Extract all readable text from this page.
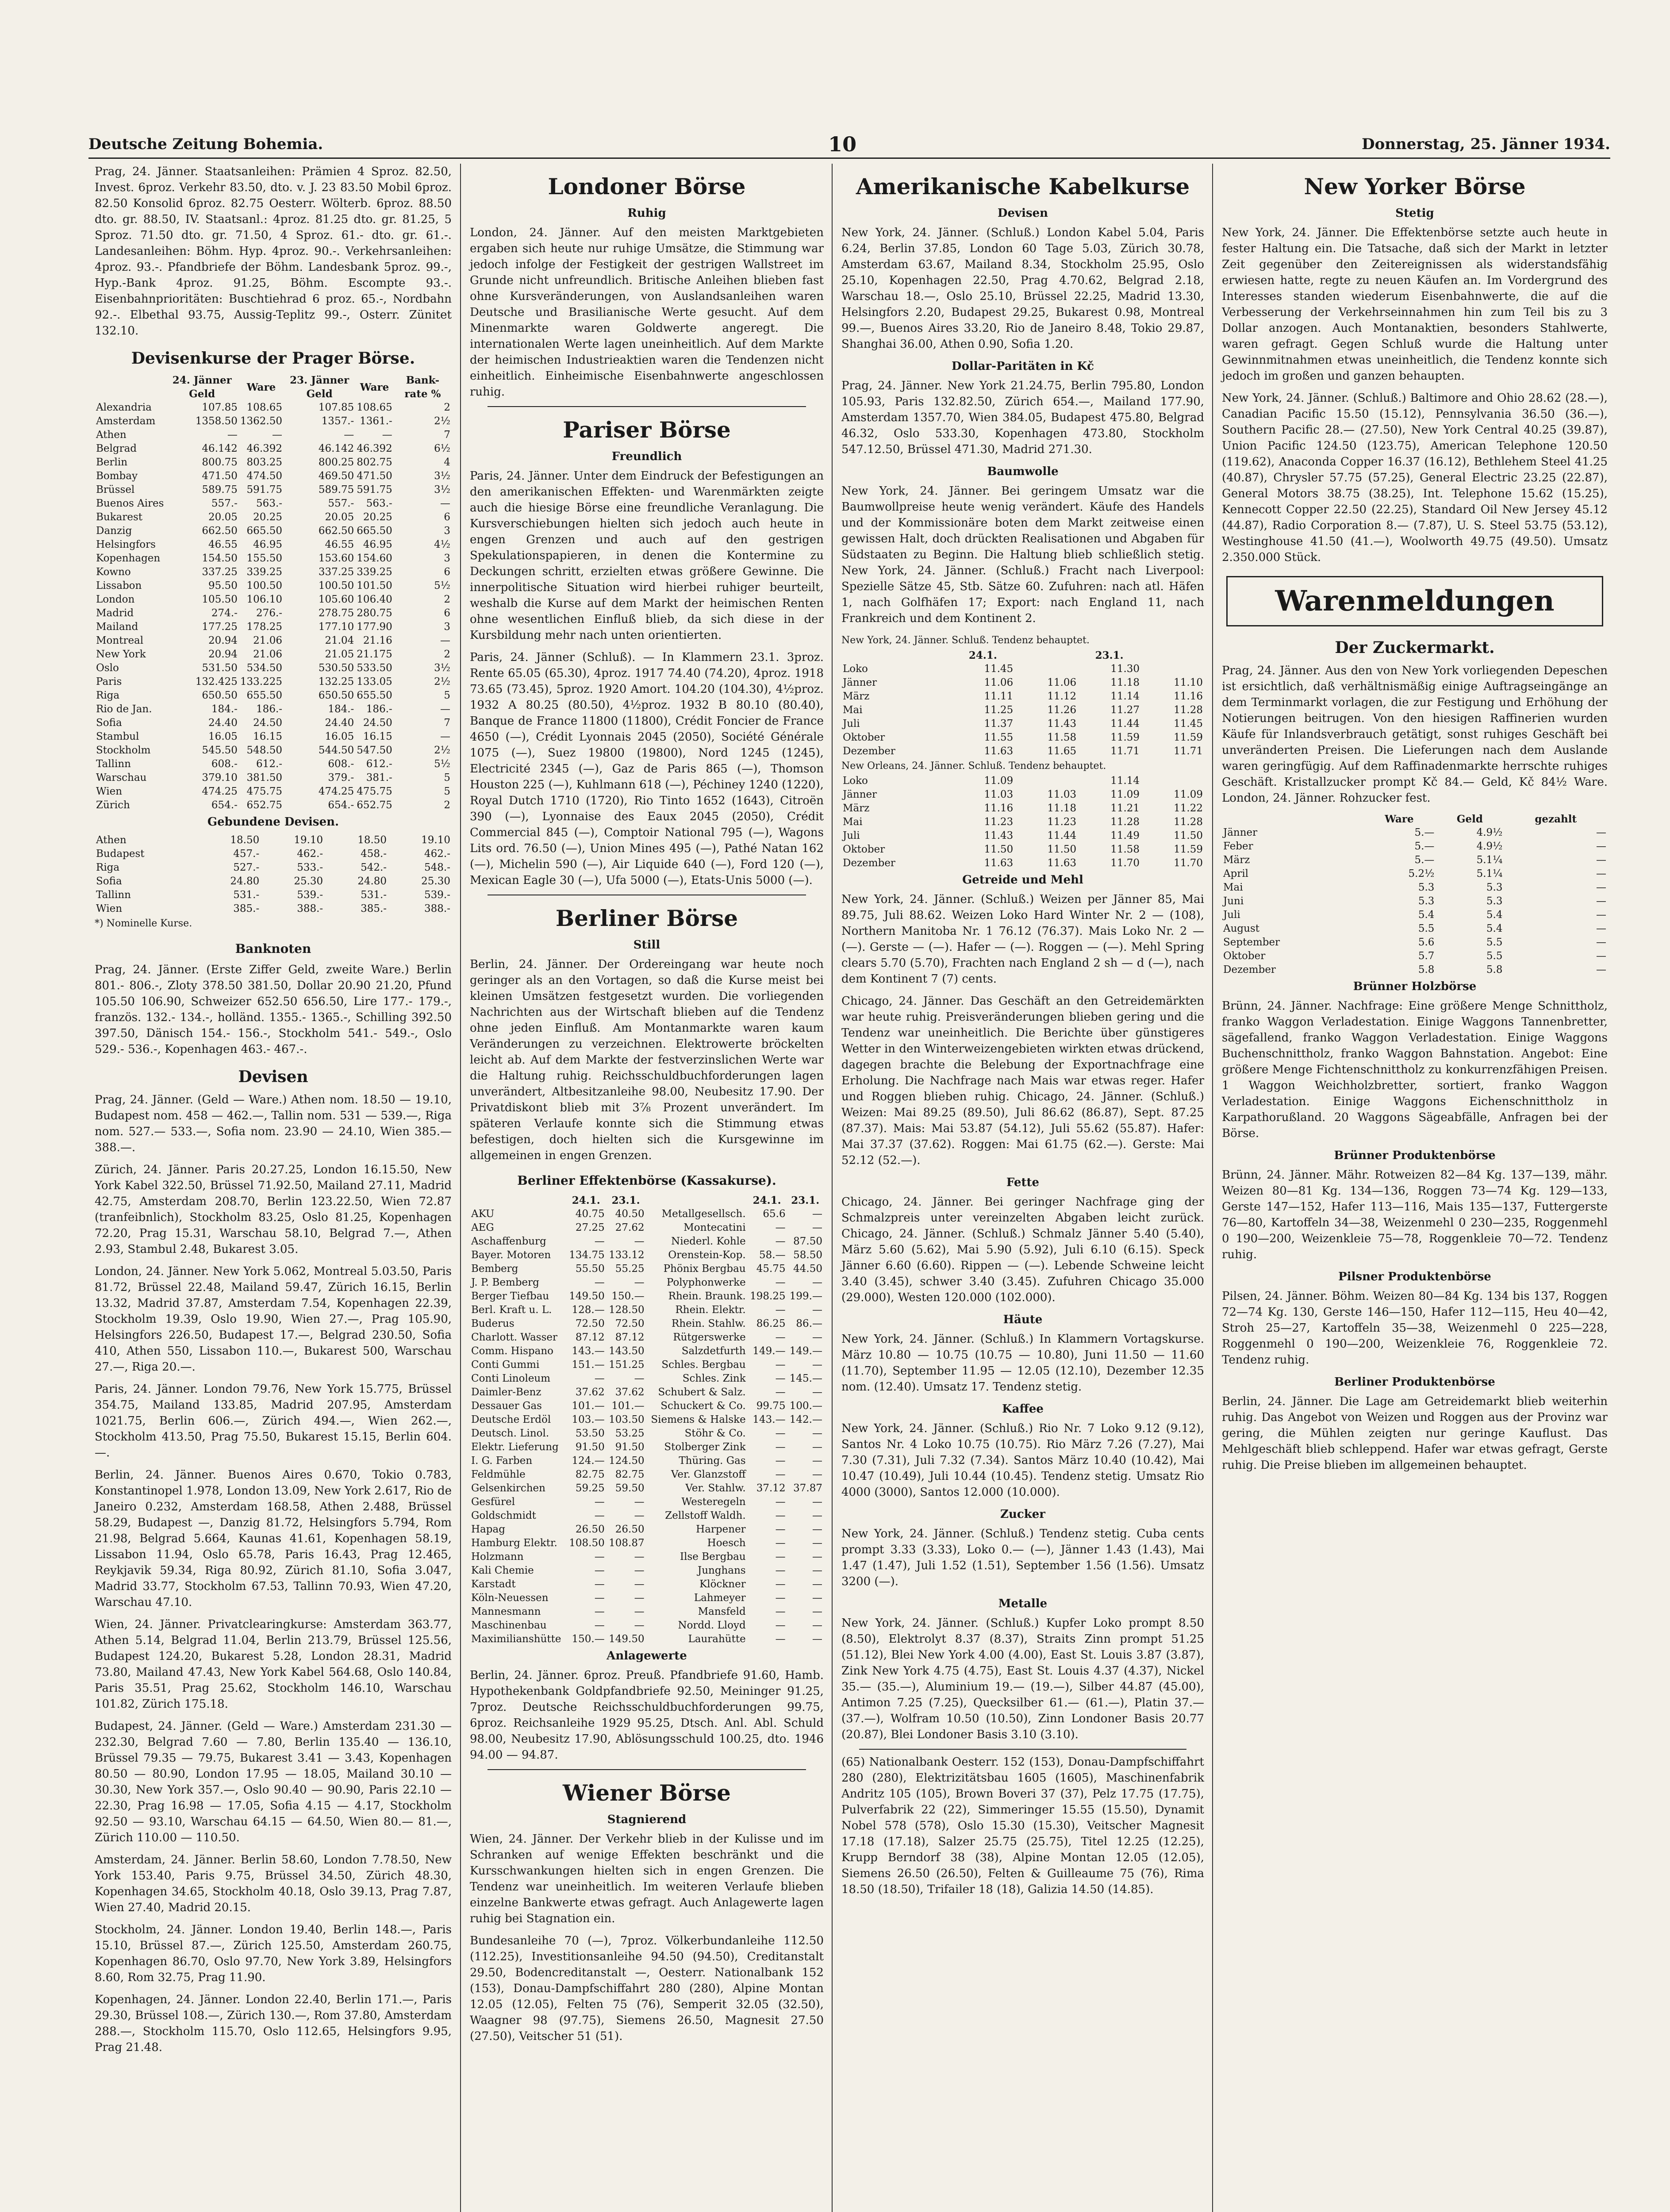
Deutsche Zeitung Bohemia.	10	Donnerstag, 25. Jänner 1934.
Prag, 24. Jänner. Staatsanleihen: Prämien 4 Sproz. 82.50, Invest. 6proz. Verkehr 83.50, dto. v. J. 23 83.50 Mobil 6proz. 82.50 Konsolid 6proz. 82.75 Oesterr. Wölterb. 6proz. 88.50 dto. gr. 88.50, IV. Staatsanl.: 4proz. 81.25 dto. gr. 81.25, 5 Sproz. 71.50 dto. gr. 71.50, 4 Sproz. 61.- dto. gr. 61.-. Landesanleihen: Böhm. Hyp. 4proz. 90.-. Verkehrsanleihen: 4proz. 93.-. Pfandbriefe der Böhm. Landesbank 5proz. 99.-, Hyp.-Bank 4proz. 91.25, Böhm. Escompte 93.-. Eisenbahnprioritäten: Buschtiehrad 6 proz. 65.-, Nordbahn 92.-. Elbethal 93.75, Aussig-Teplitz 99.-, Osterr. Zünitet 132.10.
Devisenkurse der Prager Börse.
	24. Jänner Geld	Ware	23. Jänner Geld	Ware	Bank-rate %
Alexandria	107.85	108.65	107.85	108.65	2
Amsterdam	1358.50	1362.50	1357.-	1361.-	2½
Athen	—	—	—	—	7
Belgrad	46.142	46.392	46.142	46.392	6½
Berlin	800.75	803.25	800.25	802.75	4
Bombay	471.50	474.50	469.50	471.50	3½
Brüssel	589.75	591.75	589.75	591.75	3½
Buenos Aires	557.-	563.-	557.-	563.-	—
Bukarest	20.05	20.25	20.05	20.25	6
Danzig	662.50	665.50	662.50	665.50	3
Helsingfors	46.55	46.95	46.55	46.95	4½
Kopenhagen	154.50	155.50	153.60	154.60	3
Kowno	337.25	339.25	337.25	339.25	6
Lissabon	95.50	100.50	100.50	101.50	5½
London	105.50	106.10	105.60	106.40	2
Madrid	274.-	276.-	278.75	280.75	6
Mailand	177.25	178.25	177.10	177.90	3
Montreal	20.94	21.06	21.04	21.16	—
New York	20.94	21.06	21.05	21.175	2
Oslo	531.50	534.50	530.50	533.50	3½
Paris	132.425	133.225	132.25	133.05	2½
Riga	650.50	655.50	650.50	655.50	5
Rio de Jan.	184.-	186.-	184.-	186.-	—
Sofia	24.40	24.50	24.40	24.50	7
Stambul	16.05	16.15	16.05	16.15	—
Stockholm	545.50	548.50	544.50	547.50	2½
Tallinn	608.-	612.-	608.-	612.-	5½
Warschau	379.10	381.50	379.-	381.-	5
Wien	474.25	475.75	474.25	475.75	5
Zürich	654.-	652.75	654.-	652.75	2
Gebundene Devisen.
Athen	18.50	19.10	18.50	19.10
Budapest	457.-	462.-	458.-	462.-
Riga	527.-	533.-	542.-	548.-
Sofia	24.80	25.30	24.80	25.30
Tallinn	531.-	539.-	531.-	539.-
Wien	385.-	388.-	385.-	388.-
*) Nominelle Kurse.
Banknoten
Prag, 24. Jänner. (Erste Ziffer Geld, zweite Ware.) Berlin 801.- 806.-, Zloty 378.50 381.50, Dollar 20.90 21.20, Pfund 105.50 106.90, Schweizer 652.50 656.50, Lire 177.- 179.-, französ. 132.- 134.-, holländ. 1355.- 1365.-, Schilling 392.50 397.50, Dänisch 154.- 156.-, Stockholm 541.- 549.-, Oslo 529.- 536.-, Kopenhagen 463.- 467.-.
Devisen
Prag, 24. Jänner. (Geld — Ware.) Athen nom. 18.50 — 19.10, Budapest nom. 458 — 462.—, Tallin nom. 531 — 539.—, Riga nom. 527.— 533.—, Sofia nom. 23.90 — 24.10, Wien 385.— 388.—.
Zürich, 24. Jänner. Paris 20.27.25, London 16.15.50, New York Kabel 322.50, Brüssel 71.92.50, Mailand 27.11, Madrid 42.75, Amsterdam 208.70, Berlin 123.22.50, Wien 72.87 (tranfeibnlich), Stockholm 83.25, Oslo 81.25, Kopenhagen 72.20, Prag 15.31, Warschau 58.10, Belgrad 7.—, Athen 2.93, Stambul 2.48, Bukarest 3.05.
London, 24. Jänner. New York 5.062, Montreal 5.03.50, Paris 81.72, Brüssel 22.48, Mailand 59.47, Zürich 16.15, Berlin 13.32, Madrid 37.87, Amsterdam 7.54, Kopenhagen 22.39, Stockholm 19.39, Oslo 19.90, Wien 27.—, Prag 105.90, Helsingfors 226.50, Budapest 17.—, Belgrad 230.50, Sofia 410, Athen 550, Lissabon 110.—, Bukarest 500, Warschau 27.—, Riga 20.—.
Paris, 24. Jänner. London 79.76, New York 15.775, Brüssel 354.75, Mailand 133.85, Madrid 207.95, Amsterdam 1021.75, Berlin 606.—, Zürich 494.—, Wien 262.—, Stockholm 413.50, Prag 75.50, Bukarest 15.15, Berlin 604.—.
Berlin, 24. Jänner. Buenos Aires 0.670, Tokio 0.783, Konstantinopel 1.978, London 13.09, New York 2.617, Rio de Janeiro 0.232, Amsterdam 168.58, Athen 2.488, Brüssel 58.29, Budapest —, Danzig 81.72, Helsingfors 5.794, Rom 21.98, Belgrad 5.664, Kaunas 41.61, Kopenhagen 58.19, Lissabon 11.94, Oslo 65.78, Paris 16.43, Prag 12.465, Reykjavik 59.34, Riga 80.92, Zürich 81.10, Sofia 3.047, Madrid 33.77, Stockholm 67.53, Tallinn 70.93, Wien 47.20, Warschau 47.10.
Wien, 24. Jänner. Privatclearingkurse: Amsterdam 363.77, Athen 5.14, Belgrad 11.04, Berlin 213.79, Brüssel 125.56, Budapest 124.20, Bukarest 5.28, London 28.31, Madrid 73.80, Mailand 47.43, New York Kabel 564.68, Oslo 140.84, Paris 35.51, Prag 25.62, Stockholm 146.10, Warschau 101.82, Zürich 175.18.
Budapest, 24. Jänner. (Geld — Ware.) Amsterdam 231.30 — 232.30, Belgrad 7.60 — 7.80, Berlin 135.40 — 136.10, Brüssel 79.35 — 79.75, Bukarest 3.41 — 3.43, Kopenhagen 80.50 — 80.90, London 17.95 — 18.05, Mailand 30.10 — 30.30, New York 357.—, Oslo 90.40 — 90.90, Paris 22.10 — 22.30, Prag 16.98 — 17.05, Sofia 4.15 — 4.17, Stockholm 92.50 — 93.10, Warschau 64.15 — 64.50, Wien 80.— 81.—, Zürich 110.00 — 110.50.
Amsterdam, 24. Jänner. Berlin 58.60, London 7.78.50, New York 153.40, Paris 9.75, Brüssel 34.50, Zürich 48.30, Kopenhagen 34.65, Stockholm 40.18, Oslo 39.13, Prag 7.87, Wien 27.40, Madrid 20.15.
Stockholm, 24. Jänner. London 19.40, Berlin 148.—, Paris 15.10, Brüssel 87.—, Zürich 125.50, Amsterdam 260.75, Kopenhagen 86.70, Oslo 97.70, New York 3.89, Helsingfors 8.60, Rom 32.75, Prag 11.90.
Kopenhagen, 24. Jänner. London 22.40, Berlin 171.—, Paris 29.30, Brüssel 108.—, Zürich 130.—, Rom 37.80, Amsterdam 288.—, Stockholm 115.70, Oslo 112.65, Helsingfors 9.95, Prag 21.48.
Londoner Börse
Ruhig
London, 24. Jänner. Auf den meisten Marktgebieten ergaben sich heute nur ruhige Umsätze, die Stimmung war jedoch infolge der Festigkeit der gestrigen Wallstreet im Grunde nicht unfreundlich. Britische Anleihen blieben fast ohne Kursveränderungen, von Auslandsanleihen waren Deutsche und Brasilianische Werte gesucht. Auf dem Minenmarkte waren Goldwerte angeregt. Die internationalen Werte lagen uneinheitlich. Auf dem Markte der heimischen Industrieaktien waren die Tendenzen nicht einheitlich. Einheimische Eisenbahnwerte angeschlossen ruhig.
Pariser Börse
Freundlich
Paris, 24. Jänner. Unter dem Eindruck der Befestigungen an den amerikanischen Effekten- und Warenmärkten zeigte auch die hiesige Börse eine freundliche Veranlagung. Die Kursverschiebungen hielten sich jedoch auch heute in engen Grenzen und auch auf den gestrigen Spekulationspapieren, in denen die Kontermine zu Deckungen schritt, erzielten etwas größere Gewinne. Die innerpolitische Situation wird hierbei ruhiger beurteilt, weshalb die Kurse auf dem Markt der heimischen Renten ohne wesentlichen Einfluß blieb, da sich diese in der Kursbildung mehr nach unten orientierten.
Paris, 24. Jänner (Schluß). — In Klammern 23.1. 3proz. Rente 65.05 (65.30), 4proz. 1917 74.40 (74.20), 4proz. 1918 73.65 (73.45), 5proz. 1920 Amort. 104.20 (104.30), 4½proz. 1932 A 80.25 (80.50), 4½proz. 1932 B 80.10 (80.40), Banque de France 11800 (11800), Crédit Foncier de France 4650 (—), Crédit Lyonnais 2045 (2050), Société Générale 1075 (—), Suez 19800 (19800), Nord 1245 (1245), Electricité 2345 (—), Gaz de Paris 865 (—), Thomson Houston 225 (—), Kuhlmann 618 (—), Péchiney 1240 (1220), Royal Dutch 1710 (1720), Rio Tinto 1652 (1643), Citroën 390 (—), Lyonnaise des Eaux 2045 (2050), Crédit Commercial 845 (—), Comptoir National 795 (—), Wagons Lits ord. 76.50 (—), Union Mines 495 (—), Pathé Natan 162 (—), Michelin 590 (—), Air Liquide 640 (—), Ford 120 (—), Mexican Eagle 30 (—), Ufa 5000 (—), Etats-Unis 5000 (—).
Berliner Börse
Still
Berlin, 24. Jänner. Der Ordereingang war heute noch geringer als an den Vortagen, so daß die Kurse meist bei kleinen Umsätzen festgesetzt wurden. Die vorliegenden Nachrichten aus der Wirtschaft blieben auf die Tendenz ohne jeden Einfluß. Am Montanmarkte waren kaum Veränderungen zu verzeichnen. Elektrowerte bröckelten leicht ab. Auf dem Markte der festverzinslichen Werte war die Haltung ruhig. Reichsschuldbuchforderungen lagen unverändert, Altbesitzanleihe 98.00, Neubesitz 17.90. Der Privatdiskont blieb mit 3⅞ Prozent unverändert. Im späteren Verlaufe konnte sich die Stimmung etwas befestigen, doch hielten sich die Kursgewinne im allgemeinen in engen Grenzen.
Berliner Effektenbörse (Kassakurse).
	24.1.	23.1.		24.1.	23.1.
AKU	40.75	40.50	Metallgesellsch.	65.6	—
AEG	27.25	27.62	Montecatini	—	—
Aschaffenburg	—	—	Niederl. Kohle	—	87.50
Bayer. Motoren	134.75	133.12	Orenstein-Kop.	58.—	58.50
Bemberg	55.50	55.25	Phönix Bergbau	45.75	44.50
J. P. Bemberg	—	—	Polyphonwerke	—	—
Berger Tiefbau	149.50	150.—	Rhein. Braunk.	198.25	199.—
Berl. Kraft u. L.	128.—	128.50	Rhein. Elektr.	—	—
Buderus	72.50	72.50	Rhein. Stahlw.	86.25	86.—
Charlott. Wasser	87.12	87.12	Rütgerswerke	—	—
Comm. Hispano	143.—	143.50	Salzdetfurth	149.—	149.—
Conti Gummi	151.—	151.25	Schles. Bergbau	—	—
Conti Linoleum	—	—	Schles. Zink	—	145.—
Daimler-Benz	37.62	37.62	Schubert & Salz.	—	—
Dessauer Gas	101.—	101.—	Schuckert & Co.	99.75	100.—
Deutsche Erdöl	103.—	103.50	Siemens & Halske	143.—	142.—
Deutsch. Linol.	53.50	53.25	Stöhr & Co.	—	—
Elektr. Lieferung	91.50	91.50	Stolberger Zink	—	—
I. G. Farben	124.—	124.50	Thüring. Gas	—	—
Feldmühle	82.75	82.75	Ver. Glanzstoff	—	—
Gelsenkirchen	59.25	59.50	Ver. Stahlw.	37.12	37.87
Gesfürel	—	—	Westeregeln	—	—
Goldschmidt	—	—	Zellstoff Waldh.	—	—
Hapag	26.50	26.50	Harpener	—	—
Hamburg Elektr.	108.50	108.87	Hoesch	—	—
Holzmann	—	—	Ilse Bergbau	—	—
Kali Chemie	—	—	Junghans	—	—
Karstadt	—	—	Klöckner	—	—
Köln-Neuessen	—	—	Lahmeyer	—	—
Mannesmann	—	—	Mansfeld	—	—
Maschinenbau	—	—	Nordd. Lloyd	—	—
Maximilianshütte	150.—	149.50	Laurahütte	—	—
Anlagewerte
Berlin, 24. Jänner. 6proz. Preuß. Pfandbriefe 91.60, Hamb. Hypothekenbank Goldpfandbriefe 92.50, Meininger 91.25, 7proz. Deutsche Reichsschuldbuchforderungen 99.75, 6proz. Reichsanleihe 1929 95.25, Dtsch. Anl. Abl. Schuld 98.00, Neubesitz 17.90, Ablösungsschuld 100.25, dto. 1946 94.00 — 94.87.
Wiener Börse
Stagnierend
Wien, 24. Jänner. Der Verkehr blieb in der Kulisse und im Schranken auf wenige Effekten beschränkt und die Kursschwankungen hielten sich in engen Grenzen. Die Tendenz war uneinheitlich. Im weiteren Verlaufe blieben einzelne Bankwerte etwas gefragt. Auch Anlagewerte lagen ruhig bei Stagnation ein.
Bundesanleihe 70 (—), 7proz. Völkerbundanleihe 112.50 (112.25), Investitionsanleihe 94.50 (94.50), Creditanstalt 29.50, Bodencreditanstalt —, Oesterr. Nationalbank 152 (153), Donau-Dampfschiffahrt 280 (280), Alpine Montan 12.05 (12.05), Felten 75 (76), Semperit 32.05 (32.50), Waagner 98 (97.75), Siemens 26.50, Magnesit 27.50 (27.50), Veitscher 51 (51).
Amerikanische Kabelkurse
Devisen
New York, 24. Jänner. (Schluß.) London Kabel 5.04, Paris 6.24, Berlin 37.85, London 60 Tage 5.03, Zürich 30.78, Amsterdam 63.67, Mailand 8.34, Stockholm 25.95, Oslo 25.10, Kopenhagen 22.50, Prag 4.70.62, Belgrad 2.18, Warschau 18.—, Oslo 25.10, Brüssel 22.25, Madrid 13.30, Helsingfors 2.20, Budapest 29.25, Bukarest 0.98, Montreal 99.—, Buenos Aires 33.20, Rio de Janeiro 8.48, Tokio 29.87, Shanghai 36.00, Athen 0.90, Sofia 1.20.
Dollar-Paritäten in Kč
Prag, 24. Jänner. New York 21.24.75, Berlin 795.80, London 105.93, Paris 132.82.50, Zürich 654.—, Mailand 177.90, Amsterdam 1357.70, Wien 384.05, Budapest 475.80, Belgrad 46.32, Oslo 533.30, Kopenhagen 473.80, Stockholm 547.12.50, Brüssel 471.30, Madrid 271.30.
Baumwolle
New York, 24. Jänner. Bei geringem Umsatz war die Baumwollpreise heute wenig verändert. Käufe des Handels und der Kommissionäre boten dem Markt zeitweise einen gewissen Halt, doch drückten Realisationen und Abgaben für Südstaaten zu Beginn. Die Haltung blieb schließlich stetig. New York, 24. Jänner. (Schluß.) Fracht nach Liverpool: Spezielle Sätze 45, Stb. Sätze 60. Zufuhren: nach atl. Häfen 1, nach Golfhäfen 17; Export: nach England 11, nach Frankreich und dem Kontinent 2.
New York, 24. Jänner. Schluß. Tendenz behauptet.
	24.1.		23.1.	
Loko	11.45		11.30	
Jänner	11.06	11.06	11.18	11.10
März	11.11	11.12	11.14	11.16
Mai	11.25	11.26	11.27	11.28
Juli	11.37	11.43	11.44	11.45
Oktober	11.55	11.58	11.59	11.59
Dezember	11.63	11.65	11.71	11.71
New Orleans, 24. Jänner. Schluß. Tendenz behauptet.
Loko	11.09		11.14	
Jänner	11.03	11.03	11.09	11.09
März	11.16	11.18	11.21	11.22
Mai	11.23	11.23	11.28	11.28
Juli	11.43	11.44	11.49	11.50
Oktober	11.50	11.50	11.58	11.59
Dezember	11.63	11.63	11.70	11.70
Getreide und Mehl
New York, 24. Jänner. (Schluß.) Weizen per Jänner 85, Mai 89.75, Juli 88.62. Weizen Loko Hard Winter Nr. 2 — (108), Northern Manitoba Nr. 1 76.12 (76.37). Mais Loko Nr. 2 — (—). Gerste — (—). Hafer — (—). Roggen — (—). Mehl Spring clears 5.70 (5.70), Frachten nach England 2 sh — d (—), nach dem Kontinent 7 (7) cents.
Chicago, 24. Jänner. Das Geschäft an den Getreidemärkten war heute ruhig. Preisveränderungen blieben gering und die Tendenz war uneinheitlich. Die Berichte über günstigeres Wetter in den Winterweizengebieten wirkten etwas drückend, dagegen brachte die Belebung der Exportnachfrage eine Erholung. Die Nachfrage nach Mais war etwas reger. Hafer und Roggen blieben ruhig. Chicago, 24. Jänner. (Schluß.) Weizen: Mai 89.25 (89.50), Juli 86.62 (86.87), Sept. 87.25 (87.37). Mais: Mai 53.87 (54.12), Juli 55.62 (55.87). Hafer: Mai 37.37 (37.62). Roggen: Mai 61.75 (62.—). Gerste: Mai 52.12 (52.—).
Fette
Chicago, 24. Jänner. Bei geringer Nachfrage ging der Schmalzpreis unter vereinzelten Abgaben leicht zurück. Chicago, 24. Jänner. (Schluß.) Schmalz Jänner 5.40 (5.40), März 5.60 (5.62), Mai 5.90 (5.92), Juli 6.10 (6.15). Speck Jänner 6.60 (6.60). Rippen — (—). Lebende Schweine leicht 3.40 (3.45), schwer 3.40 (3.45). Zufuhren Chicago 35.000 (29.000), Westen 120.000 (102.000).
Häute
New York, 24. Jänner. (Schluß.) In Klammern Vortagskurse. März 10.80 — 10.75 (10.75 — 10.80), Juni 11.50 — 11.60 (11.70), September 11.95 — 12.05 (12.10), Dezember 12.35 nom. (12.40). Umsatz 17. Tendenz stetig.
Kaffee
New York, 24. Jänner. (Schluß.) Rio Nr. 7 Loko 9.12 (9.12), Santos Nr. 4 Loko 10.75 (10.75). Rio März 7.26 (7.27), Mai 7.30 (7.31), Juli 7.32 (7.34). Santos März 10.40 (10.42), Mai 10.47 (10.49), Juli 10.44 (10.45). Tendenz stetig. Umsatz Rio 4000 (3000), Santos 12.000 (10.000).
Zucker
New York, 24. Jänner. (Schluß.) Tendenz stetig. Cuba cents prompt 3.33 (3.33), Loko 0.— (—), Jänner 1.43 (1.43), Mai 1.47 (1.47), Juli 1.52 (1.51), September 1.56 (1.56). Umsatz 3200 (—).
Metalle
New York, 24. Jänner. (Schluß.) Kupfer Loko prompt 8.50 (8.50), Elektrolyt 8.37 (8.37), Straits Zinn prompt 51.25 (51.12), Blei New York 4.00 (4.00), East St. Louis 3.87 (3.87), Zink New York 4.75 (4.75), East St. Louis 4.37 (4.37), Nickel 35.— (35.—), Aluminium 19.— (19.—), Silber 44.87 (45.00), Antimon 7.25 (7.25), Quecksilber 61.— (61.—), Platin 37.— (37.—), Wolfram 10.50 (10.50), Zinn Londoner Basis 20.77 (20.87), Blei Londoner Basis 3.10 (3.10).
(65) Nationalbank Oesterr. 152 (153), Donau-Dampfschiffahrt 280 (280), Elektrizitätsbau 1605 (1605), Maschinenfabrik Andritz 105 (105), Brown Boveri 37 (37), Pelz 17.75 (17.75), Pulverfabrik 22 (22), Simmeringer 15.55 (15.50), Dynamit Nobel 578 (578), Oslo 15.30 (15.30), Veitscher Magnesit 17.18 (17.18), Salzer 25.75 (25.75), Titel 12.25 (12.25), Krupp Berndorf 38 (38), Alpine Montan 12.05 (12.05), Siemens 26.50 (26.50), Felten & Guilleaume 75 (76), Rima 18.50 (18.50), Trifailer 18 (18), Galizia 14.50 (14.85).
New Yorker Börse
Stetig
New York, 24. Jänner. Die Effektenbörse setzte auch heute in fester Haltung ein. Die Tatsache, daß sich der Markt in letzter Zeit gegenüber den Zeitereignissen als widerstandsfähig erwiesen hatte, regte zu neuen Käufen an. Im Vordergrund des Interesses standen wiederum Eisenbahnwerte, die auf die Verbesserung der Verkehrseinnahmen hin zum Teil bis zu 3 Dollar anzogen. Auch Montanaktien, besonders Stahlwerte, waren gefragt. Gegen Schluß wurde die Haltung unter Gewinnmitnahmen etwas uneinheitlich, die Tendenz konnte sich jedoch im großen und ganzen behaupten.
New York, 24. Jänner. (Schluß.) Baltimore and Ohio 28.62 (28.—), Canadian Pacific 15.50 (15.12), Pennsylvania 36.50 (36.—), Southern Pacific 28.— (27.50), New York Central 40.25 (39.87), Union Pacific 124.50 (123.75), American Telephone 120.50 (119.62), Anaconda Copper 16.37 (16.12), Bethlehem Steel 41.25 (40.87), Chrysler 57.75 (57.25), General Electric 23.25 (22.87), General Motors 38.75 (38.25), Int. Telephone 15.62 (15.25), Kennecott Copper 22.50 (22.25), Standard Oil New Jersey 45.12 (44.87), Radio Corporation 8.— (7.87), U. S. Steel 53.75 (53.12), Westinghouse 41.50 (41.—), Woolworth 49.75 (49.50). Umsatz 2.350.000 Stück.
Warenmeldungen
Der Zuckermarkt.
Prag, 24. Jänner. Aus den von New York vorliegenden Depeschen ist ersichtlich, daß verhältnismäßig einige Auftragseingänge an dem Terminmarkt vorlagen, die zur Festigung und Erhöhung der Notierungen beitrugen. Von den hiesigen Raffinerien wurden Käufe für Inlandsverbrauch getätigt, sonst ruhiges Geschäft bei unveränderten Preisen. Die Lieferungen nach dem Auslande waren geringfügig. Auf dem Raffinadenmarkte herrschte ruhiges Geschäft. Kristallzucker prompt Kč 84.— Geld, Kč 84½ Ware. London, 24. Jänner. Rohzucker fest.
	Ware	Geld	gezahlt
Jänner	5.—	4.9½	—
Feber	5.—	4.9½	—
März	5.—	5.1¼	—
April	5.2½	5.1¼	—
Mai	5.3	5.3	—
Juni	5.3	5.3	—
Juli	5.4	5.4	—
August	5.5	5.4	—
September	5.6	5.5	—
Oktober	5.7	5.5	—
Dezember	5.8	5.8	—
Brünner Holzbörse
Brünn, 24. Jänner. Nachfrage: Eine größere Menge Schnittholz, franko Waggon Verladestation. Einige Waggons Tannenbretter, sägefallend, franko Waggon Verladestation. Einige Waggons Buchenschnittholz, franko Waggon Bahnstation. Angebot: Eine größere Menge Fichtenschnittholz zu konkurrenzfähigen Preisen. 1 Waggon Weichholzbretter, sortiert, franko Waggon Verladestation. Einige Waggons Eichenschnittholz in Karpathorußland. 20 Waggons Sägeabfälle, Anfragen bei der Börse.
Brünner Produktenbörse
Brünn, 24. Jänner. Mähr. Rotweizen 82—84 Kg. 137—139, mähr. Weizen 80—81 Kg. 134—136, Roggen 73—74 Kg. 129—133, Gerste 147—152, Hafer 113—116, Mais 135—137, Futtergerste 76—80, Kartoffeln 34—38, Weizenmehl 0 230—235, Roggenmehl 0 190—200, Weizenkleie 75—78, Roggenkleie 70—72. Tendenz ruhig.
Pilsner Produktenbörse
Pilsen, 24. Jänner. Böhm. Weizen 80—84 Kg. 134 bis 137, Roggen 72—74 Kg. 130, Gerste 146—150, Hafer 112—115, Heu 40—42, Stroh 25—27, Kartoffeln 35—38, Weizenmehl 0 225—228, Roggenmehl 0 190—200, Weizenkleie 76, Roggenkleie 72. Tendenz ruhig.
Berliner Produktenbörse
Berlin, 24. Jänner. Die Lage am Getreidemarkt blieb weiterhin ruhig. Das Angebot von Weizen und Roggen aus der Provinz war gering, die Mühlen zeigten nur geringe Kauflust. Das Mehlgeschäft blieb schleppend. Hafer war etwas gefragt, Gerste ruhig. Die Preise blieben im allgemeinen behauptet.
